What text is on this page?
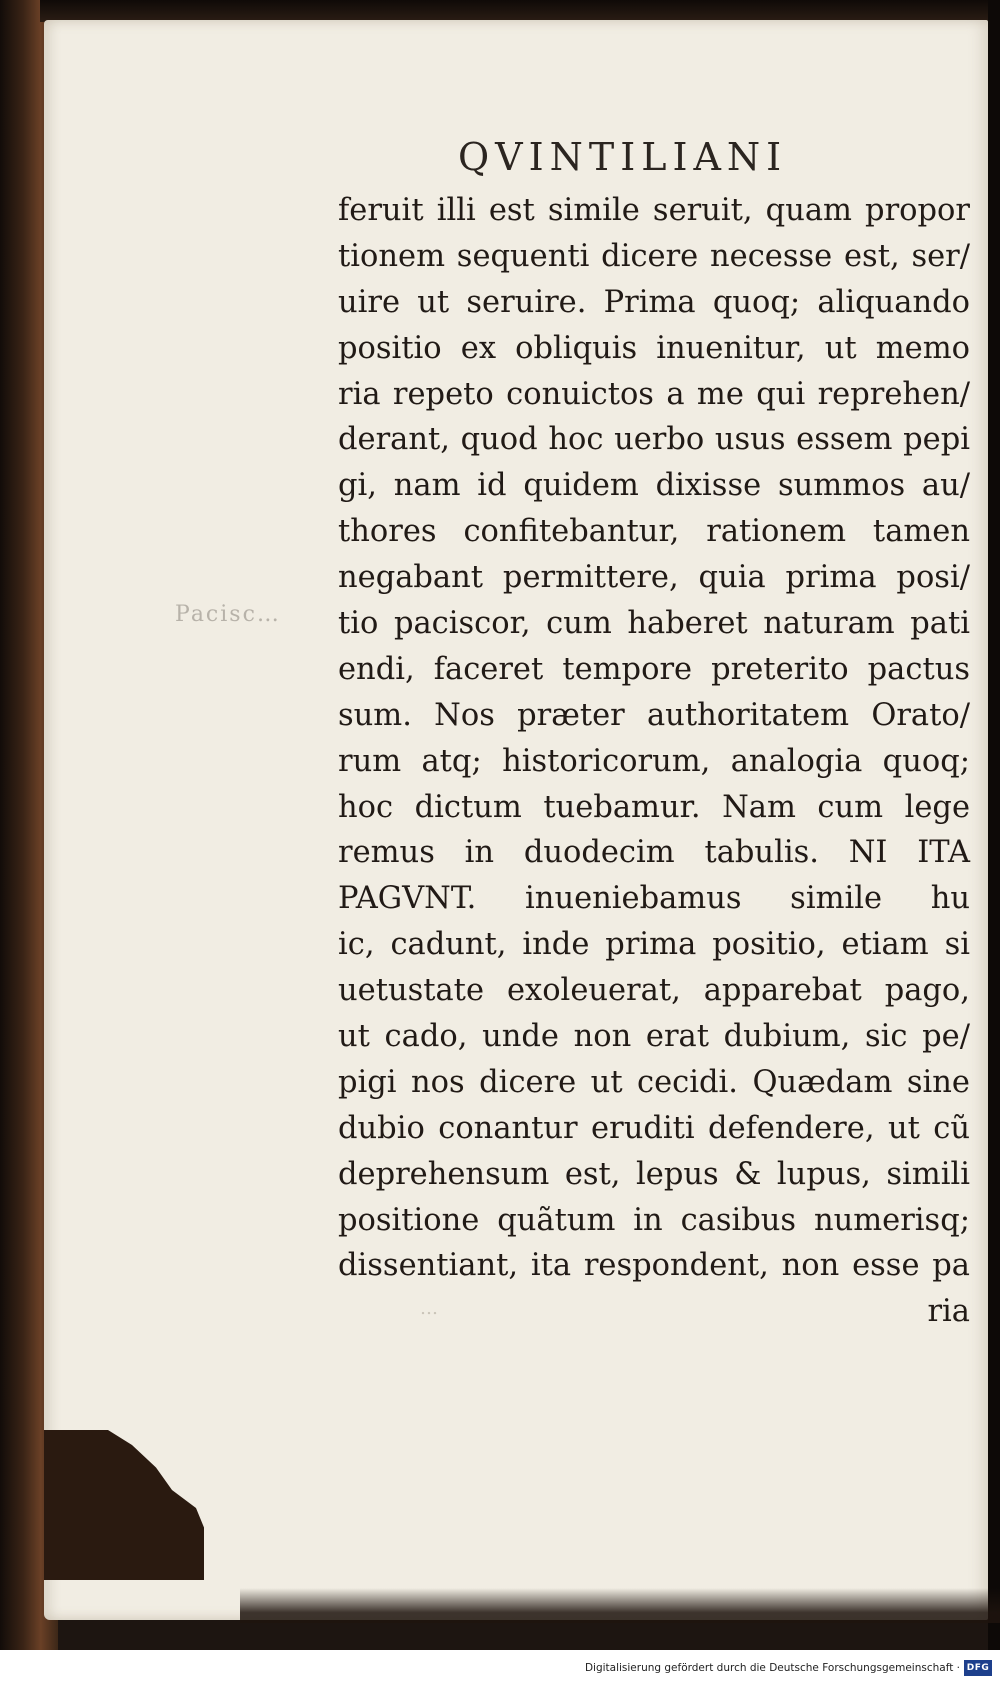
QVINTILIANI
Pacisc…
feruit illi est simile seruit, quam propor
tionem sequenti dicere necesse est, ser/
uire ut seruire. Prima quoq; aliquando
positio ex obliquis inuenitur, ut memo
ria repeto conuictos a me qui reprehen/
derant, quod hoc uerbo usus essem pepi
gi, nam id quidem dixisse summos au/
thores confitebantur, rationem tamen
negabant permittere, quia prima posi/
tio paciscor, cum haberet naturam pati
endi, faceret tempore preterito pactus
sum. Nos præter authoritatem Orato/
rum atq; historicorum, analogia quoq;
hoc dictum tuebamur. Nam cum lege
remus in duodecim tabulis. NI ITA
PAGVNT. inueniebamus simile hu
ic, cadunt, inde prima positio, etiam si
uetustate exoleuerat, apparebat pago,
ut cado, unde non erat dubium, sic pe/
pigi nos dicere ut cecidi. Quædam sine
dubio conantur eruditi defendere, ut cũ
deprehensum est, lepus & lupus, simili
positione quãtum in casibus numerisq;
dissentiant, ita respondent, non esse pa
ria
…
Digitalisierung gefördert durch die Deutsche Forschungsgemeinschaft · DFG
